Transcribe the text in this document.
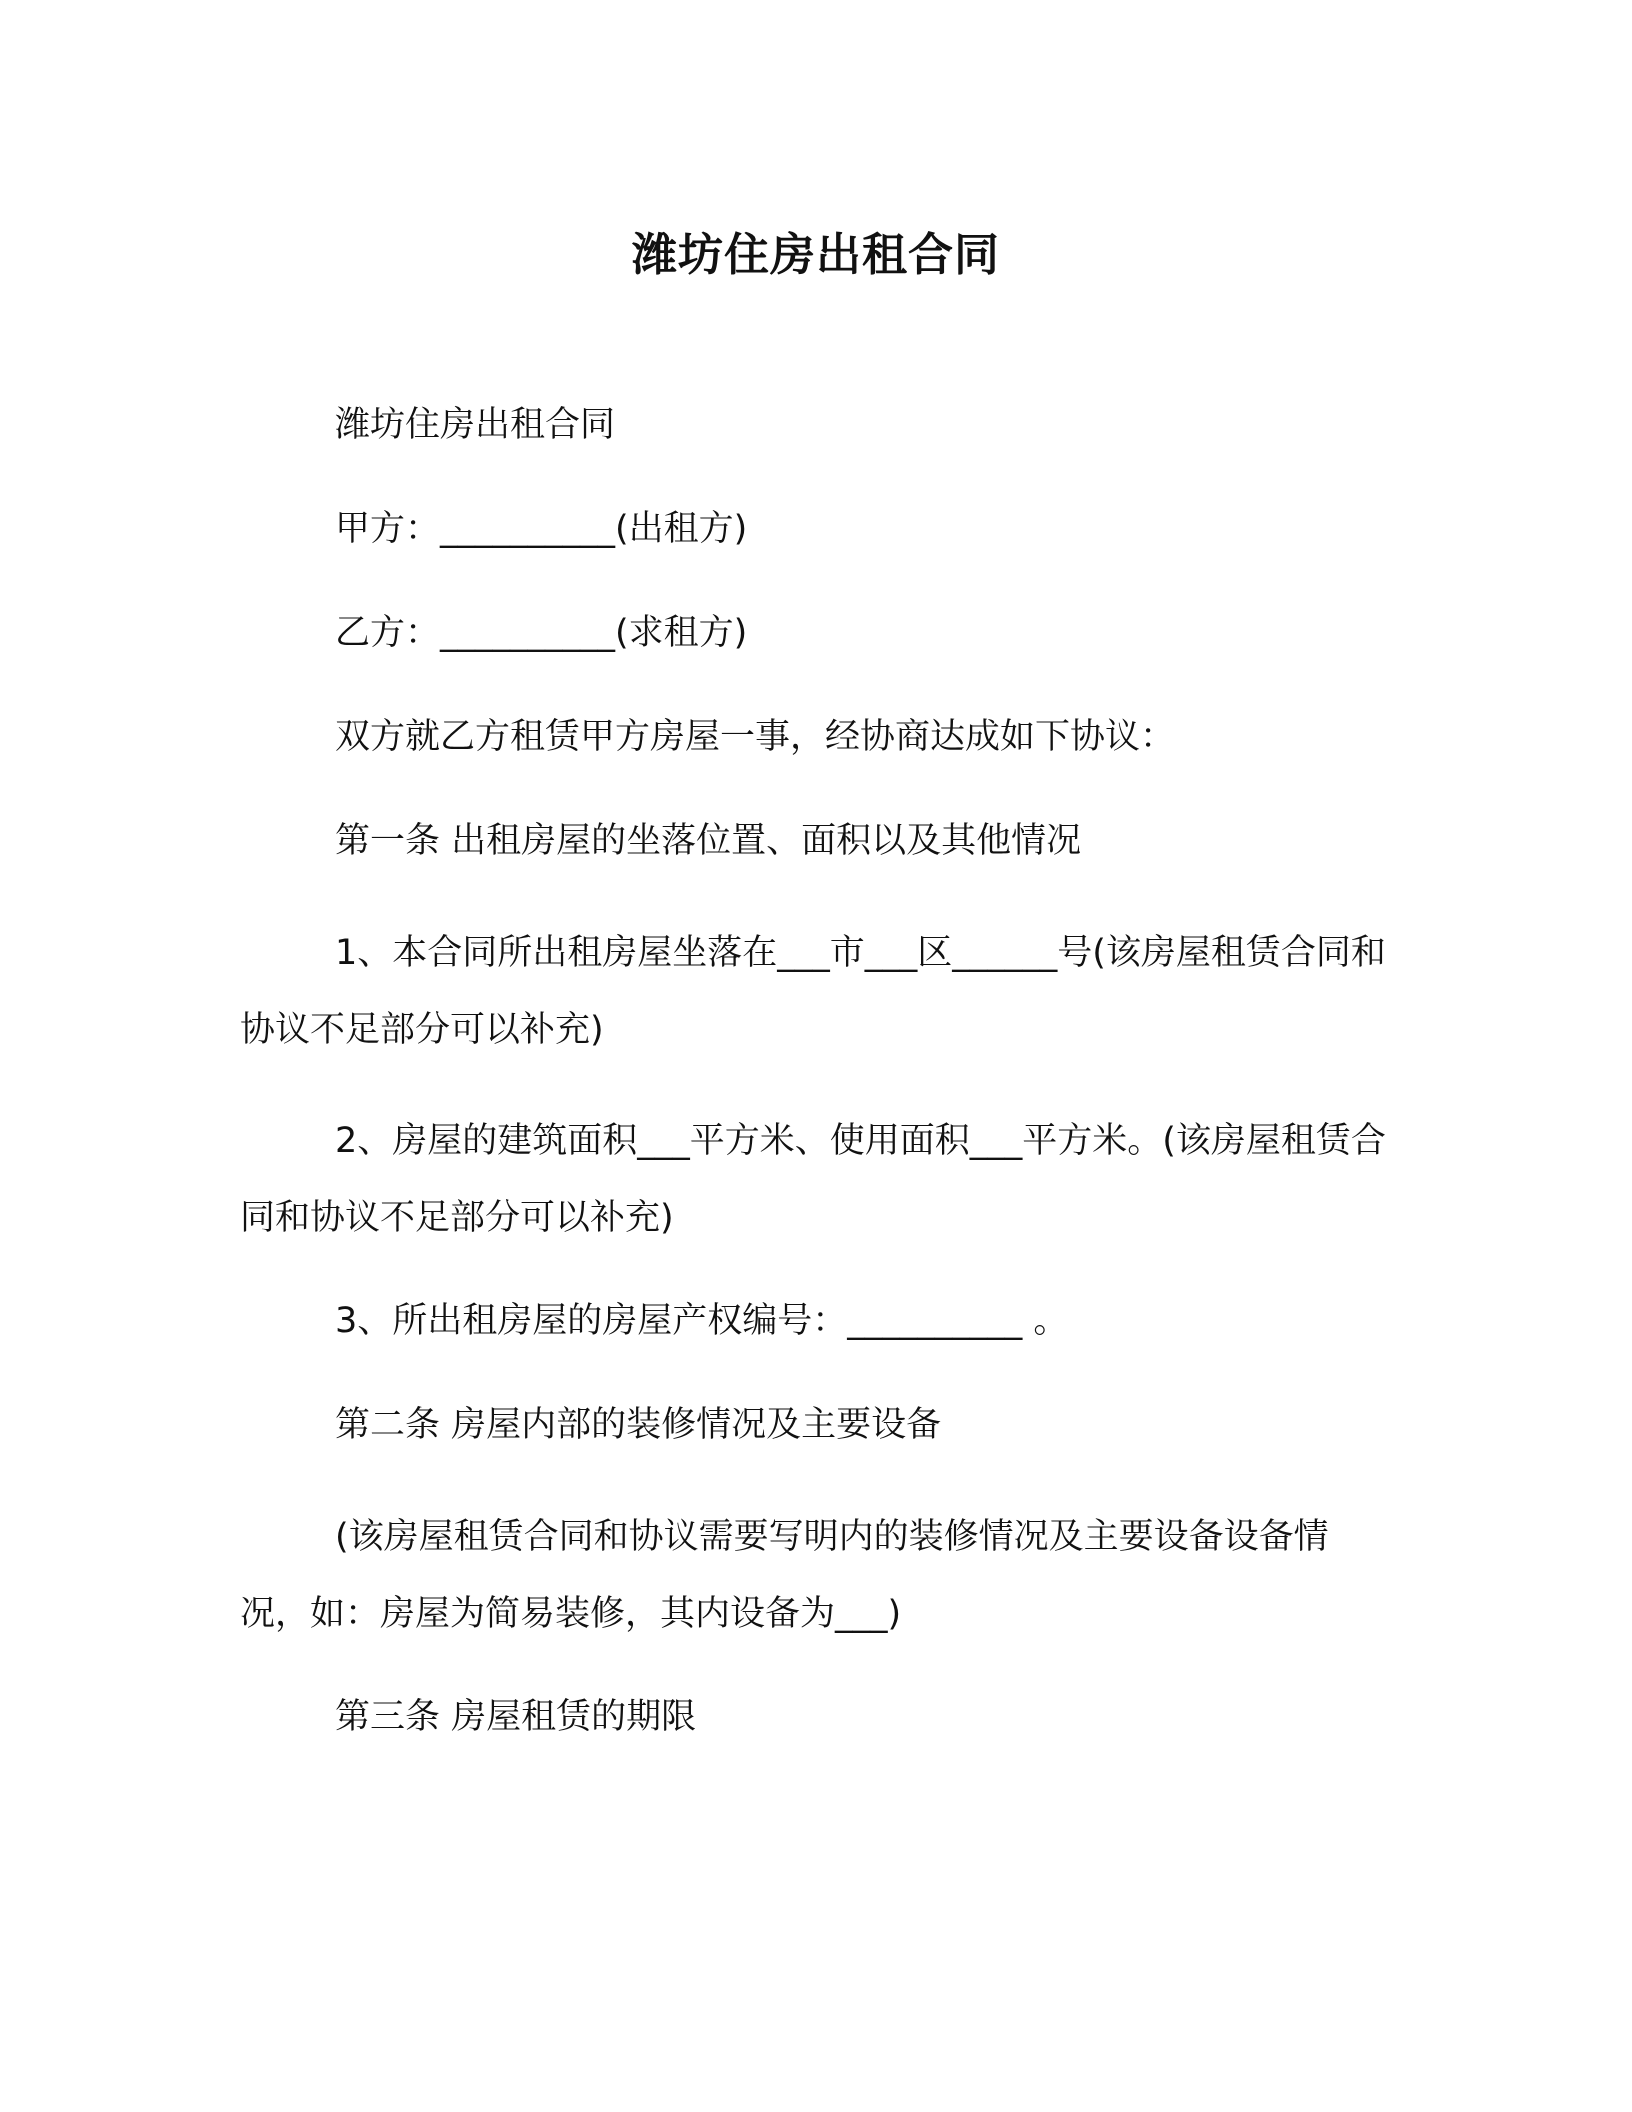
潍坊住房出租合同

潍坊住房出租合同

甲方：__________(出租方)

乙方：__________(求租方)

双方就乙方租赁甲方房屋一事，经协商达成如下协议：

第一条 出租房屋的坐落位置、面积以及其他情况

1、本合同所出租房屋坐落在___市___区______号(该房屋租赁合同和协议不足部分可以补充)

2、房屋的建筑面积___平方米、使用面积___平方米。(该房屋租赁合同和协议不足部分可以补充)

3、所出租房屋的房屋产权编号：__________ 。

第二条 房屋内部的装修情况及主要设备

(该房屋租赁合同和协议需要写明内的装修情况及主要设备设备情况，如：房屋为简易装修，其内设备为___)

第三条 房屋租赁的期限
